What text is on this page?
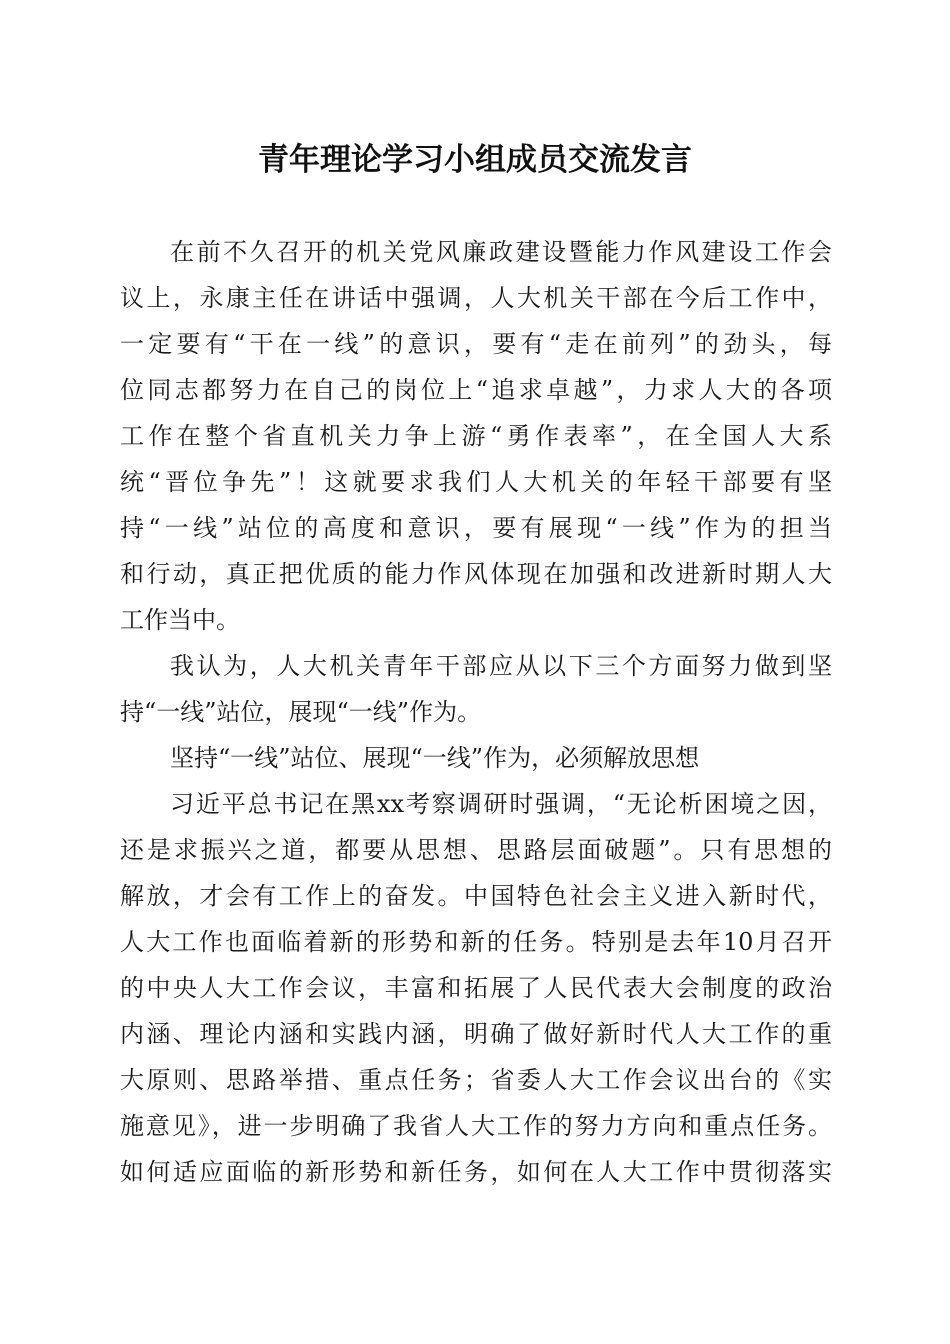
青年理论学习小组成员交流发言
在前不久召开的机关党风廉政建设暨能力作风建设工作会
议上，永康主任在讲话中强调，人大机关干部在今后工作中，
一定要有“干在一线”的意识，要有“走在前列”的劲头，每
位同志都努力在自己的岗位上“追求卓越”，力求人大的各项
工作在整个省直机关力争上游“勇作表率”，在全国人大系
统“晋位争先”！这就要求我们人大机关的年轻干部要有坚
持“一线”站位的高度和意识，要有展现“一线”作为的担当
和行动，真正把优质的能力作风体现在加强和改进新时期人大
工作当中。
我认为，人大机关青年干部应从以下三个方面努力做到坚
持“一线”站位，展现“一线”作为。
坚持“一线”站位、展现“一线”作为，必须解放思想
习近平总书记在黑xx考察调研时强调，“无论析困境之因，
还是求振兴之道，都要从思想、思路层面破题”。只有思想的
解放，才会有工作上的奋发。中国特色社会主义进入新时代，
人大工作也面临着新的形势和新的任务。特别是去年10月召开
的中央人大工作会议，丰富和拓展了人民代表大会制度的政治
内涵、理论内涵和实践内涵，明确了做好新时代人大工作的重
大原则、思路举措、重点任务；省委人大工作会议出台的《实
施意见》，进一步明确了我省人大工作的努力方向和重点任务。
如何适应面临的新形势和新任务，如何在人大工作中贯彻落实
